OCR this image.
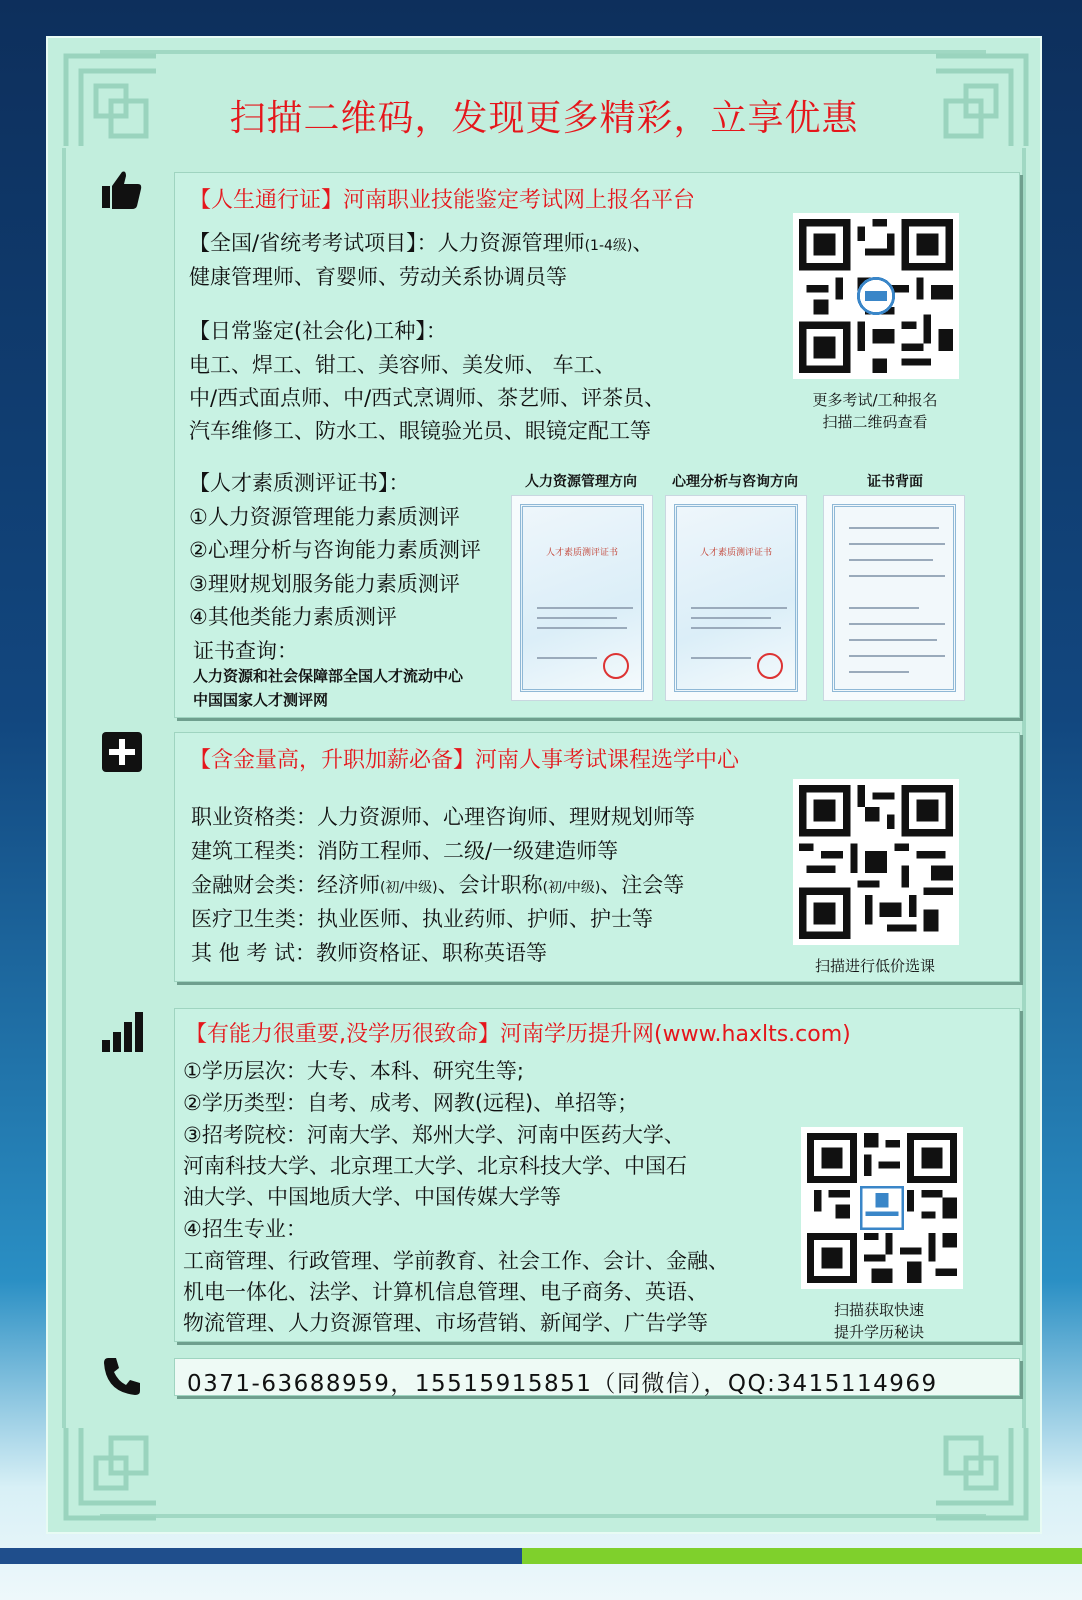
扫描二维码，发现更多精彩，立享优惠
【人生通行证】河南职业技能鉴定考试网上报名平台
【全国/省统考考试项目】：人力资源管理师(1-4级)、
健康管理师、育婴师、劳动关系协调员等
【日常鉴定(社会化)工种】：
电工、焊工、钳工、美容师、美发师、 车工、
中/西式面点师、中/西式烹调师、茶艺师、评茶员、
汽车维修工、防水工、眼镜验光员、眼镜定配工等
更多考试/工种报名
扫描二维码查看
【人才素质测评证书】：
①人力资源管理能力素质测评
②心理分析与咨询能力素质测评
③理财规划服务能力素质测评
④其他类能力素质测评
证书查询：
人力资源和社会保障部全国人才流动中心
中国国家人才测评网
人力资源管理方向	心理分析与咨询方向	证书背面
人才素质测评证书	人才素质测评证书
【含金量高，升职加薪必备】河南人事考试课程选学中心
职业资格类：人力资源师、心理咨询师、理财规划师等
建筑工程类：消防工程师、二级/一级建造师等
金融财会类：经济师(初/中级)、会计职称(初/中级)、注会等
医疗卫生类：执业医师、执业药师、护师、护士等
其 他 考 试：教师资格证、职称英语等
扫描进行低价选课
【有能力很重要,没学历很致命】河南学历提升网(www.haxlts.com)
①学历层次：大专、本科、研究生等;
②学历类型：自考、成考、网教(远程)、单招等；
③招考院校：河南大学、郑州大学、河南中医药大学、
河南科技大学、北京理工大学、北京科技大学、中国石
油大学、中国地质大学、中国传媒大学等
④招生专业：
工商管理、行政管理、学前教育、社会工作、会计、金融、
机电一体化、法学、计算机信息管理、电子商务、英语、
物流管理、人力资源管理、市场营销、新闻学、广告学等
扫描获取快速
提升学历秘诀
0371-63688959，15515915851（同微信），QQ:3415114969
